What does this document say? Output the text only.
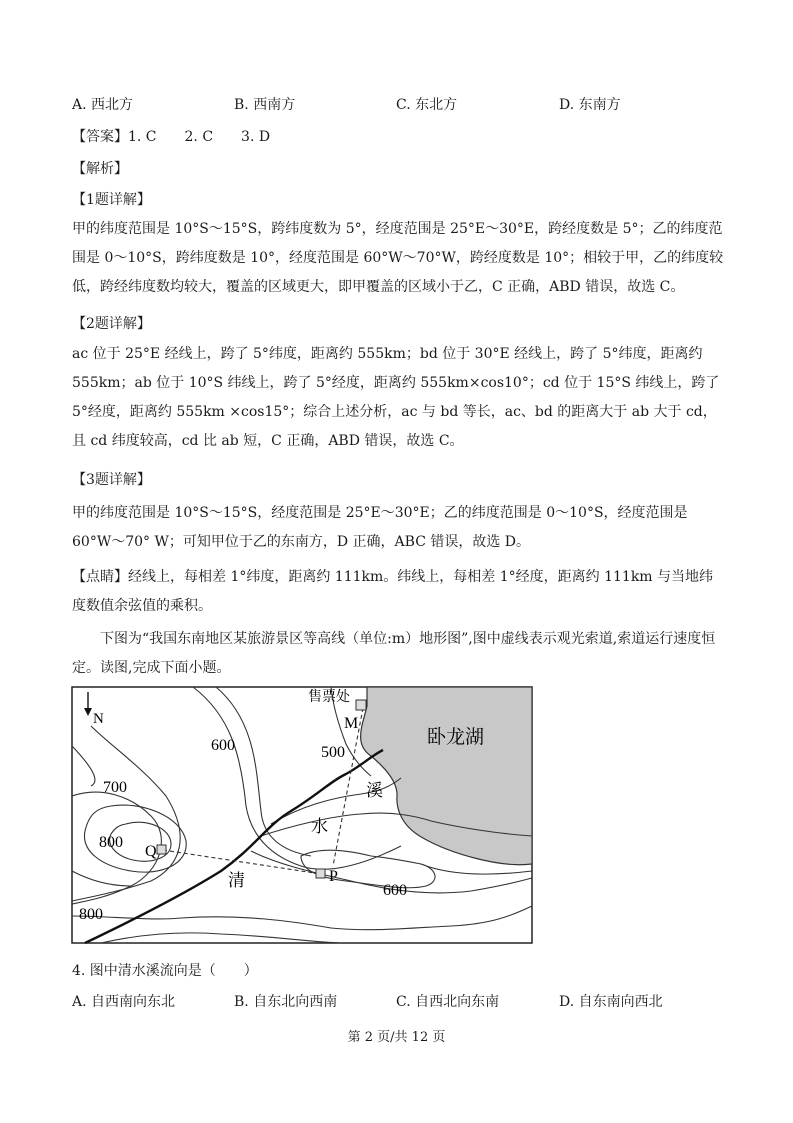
A. 西北方	B. 西南方	C. 东北方	D. 东南方
【答案】1. C　　2. C　　3. D
【解析】
【1题详解】
甲的纬度范围是 10°S～15°S，跨纬度数为 5°，经度范围是 25°E～30°E，跨经度数是 5°；乙的纬度范围是 0～10°S，跨纬度数是 10°，经度范围是 60°W～70°W，跨经度数是 10°；相较于甲，乙的纬度较低，跨经纬度数均较大，覆盖的区域更大，即甲覆盖的区域小于乙，C 正确，ABD 错误，故选 C。
【2题详解】
ac 位于 25°E 经线上，跨了 5°纬度，距离约 555km；bd 位于 30°E 经线上，跨了 5°纬度，距离约 555km；ab 位于 10°S 纬线上，跨了 5°经度，距离约 555km×cos10°；cd 位于 15°S 纬线上，跨了 5°经度，距离约 555km ×cos15°；综合上述分析，ac 与 bd 等长，ac、bd 的距离大于 ab 大于 cd，且 cd 纬度较高，cd 比 ab 短，C 正确，ABD 错误，故选 C。
【3题详解】
甲的纬度范围是 10°S～15°S，经度范围是 25°E～30°E；乙的纬度范围是 0～10°S，经度范围是 60°W～70° W；可知甲位于乙的东南方，D 正确，ABC 错误，故选 D。
【点睛】经线上，每相差 1°纬度，距离约 111km。纬线上，每相差 1°经度，距离约 111km 与当地纬度数值余弦值的乘积。
下图为“我国东南地区某旅游景区等高线（单位:m）地形图”,图中虚线表示观光索道,索道运行速度恒定。读图,完成下面小题。
N
售票处
卧龙湖
M
Q
P
溪
水
清
600	500
700
800
800
600
4. 图中清水溪流向是（　　）
A. 自西南向东北	B. 自东北向西南	C. 自西北向东南	D. 自东南向西北
第 2 页/共 12 页
